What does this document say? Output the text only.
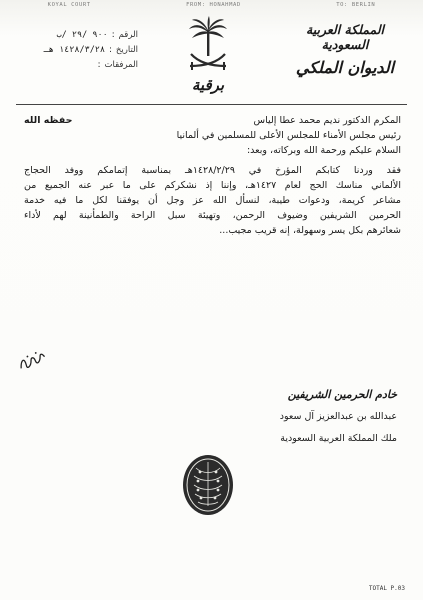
KOYAL COURT	FROM: HONAHMAD	TO: BERLIN
المملكة العربية السعودية
الديوان الملكي
برقية
الرقم
:
٩٠٠ /٢٩ /ب
التاريخ
:
١٤٢٨/٣/٢٨ هـ
المرفقات
:
المكرم الدكتور نديم محمد عطا إلياس
حفظه الله
رئيس مجلس الأمناء للمجلس الأعلى للمسلمين في ألمانيا
السلام عليكم ورحمة الله وبركاته، وبعد:
فقد وردنا كتابكم المؤرخ في ١٤٢٨/٢/٢٩هـ بمناسبة إتمامكم ووفد الحجاج
الألماني مناسك الحج لعام ١٤٢٧هـ، وإننا إذ نشكركم على ما عبر عنه الجميع من
مشاعر كريمة، ودعوات طيبة، لنسأل الله عز وجل أن يوفقنا لكل ما فيه خدمة
الحرمين الشريفين وضيوف الرحمن، وتهيئة سبل الراحة والطمأنينة لهم لأداء
شعائرهم بكل يسر وسهولة، إنه قريب مجيب...
خادم الحرمين الشريفين
عبدالله بن عبدالعزيز آل سعود
ملك المملكة العربية السعودية
TOTAL P.03
